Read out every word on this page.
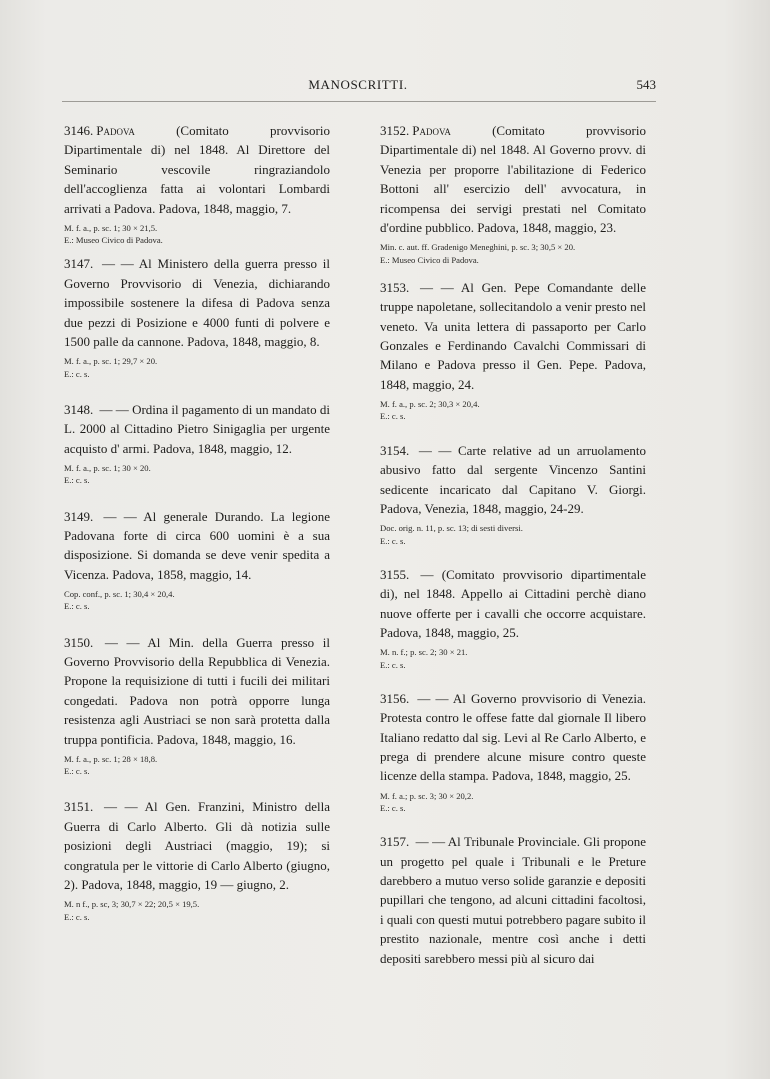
MANOSCRITTI.	543

3146. Padova	(Comitato provvisorio Dipartimentale di) nel 1848. Al Direttore del Seminario vescovile ringraziandolo dell'accoglienza fatta ai volontari Lombardi arrivati a Padova. Padova, 1848, maggio, 7.

M. f. a., p. sc. 1; 30 × 21,5.
E.: Museo Civico di Padova.

3147. — — Al Ministero della guerra presso il Governo Provvisorio di Venezia, dichiarando impossibile sostenere la difesa di Padova senza due pezzi di Posizione e 4000 funti di polvere e 1500 palle da cannone. Padova, 1848, maggio, 8.

M. f. a., p. sc. 1; 29,7 × 20.
E.: c. s.

3148. — — Ordina il pagamento di un mandato di L. 2000 al Cittadino Pietro Sinigaglia per urgente acquisto d' armi. Padova, 1848, maggio, 12.

M. f. a., p. sc. 1; 30 × 20.
E.: c. s.

3149. — — Al generale Durando. La legione Padovana forte di circa 600 uomini è a sua disposizione. Si domanda se deve venir spedita a Vicenza. Padova, 1858, maggio, 14.

Cop. conf., p. sc. 1; 30,4 × 20,4.
E.: c. s.

3150. — — Al Min. della Guerra presso il Governo Provvisorio della Repubblica di Venezia. Propone la requisizione di tutti i fucili dei militari congedati. Padova non potrà opporre lunga resistenza agli Austriaci se non sarà protetta dalla truppa pontificia. Padova, 1848, maggio, 16.

M. f. a., p. sc. 1; 28 × 18,8.
E.: c. s.

3151. — — Al Gen. Franzini, Ministro della Guerra di Carlo Alberto. Gli dà notizia sulle posizioni degli Austriaci (maggio, 19); si congratula per le vittorie di Carlo Alberto (giugno, 2). Padova, 1848, maggio, 19 — giugno, 2.

M. n f., p. sc, 3; 30,7 × 22; 20,5 × 19,5.
E.: c. s.

3152. Padova	(Comitato provvisorio Dipartimentale di) nel 1848. Al Governo provv. di Venezia per proporre l'abilitazione di Federico Bottoni all' esercizio dell' avvocatura, in ricompensa dei servigi prestati nel Comitato d'ordine pubblico. Padova, 1848, maggio, 23.

Min. c. aut. ff. Gradenigo Meneghini, p. sc. 3; 30,5 × 20.
E.: Museo Civico di Padova.

3153. — — Al Gen. Pepe Comandante delle truppe napoletane, sollecitandolo a venir presto nel veneto. Va unita lettera di passaporto per Carlo Gonzales e Ferdinando Cavalchi Commissari di Milano e Padova presso il Gen. Pepe. Padova, 1848, maggio, 24.

M. f. a., p. sc. 2; 30,3 × 20,4.
E.: c. s.

3154. — — Carte relative ad un arruolamento abusivo fatto dal sergente Vincenzo Santini sedicente incaricato dal Capitano V. Giorgi. Padova, Venezia, 1848, maggio, 24-29.

Doc. orig. n. 11, p. sc. 13; di sesti diversi.
E.: c. s.

3155. — (Comitato provvisorio dipartimentale di), nel 1848. Appello ai Cittadini perchè diano nuove offerte per i cavalli che occorre acquistare. Padova, 1848, maggio, 25.

M. n. f.; p. sc. 2; 30 × 21.
E.: c. s.

3156. — — Al Governo provvisorio di Venezia. Protesta contro le offese fatte dal giornale Il libero Italiano redatto dal sig. Levi al Re Carlo Alberto, e prega di prendere alcune misure contro queste licenze della stampa. Padova, 1848, maggio, 25.

M. f. a.; p. sc. 3; 30 × 20,2.
E.: c. s.

3157. — — Al Tribunale Provinciale. Gli propone un progetto pel quale i Tribunali e le Preture darebbero a mutuo verso solide garanzie e depositi pupillari che tengono, ad alcuni cittadini facoltosi, i quali con questi mutui potrebbero pagare subito il prestito nazionale, mentre così anche i detti depositi sarebbero messi più al sicuro dai
